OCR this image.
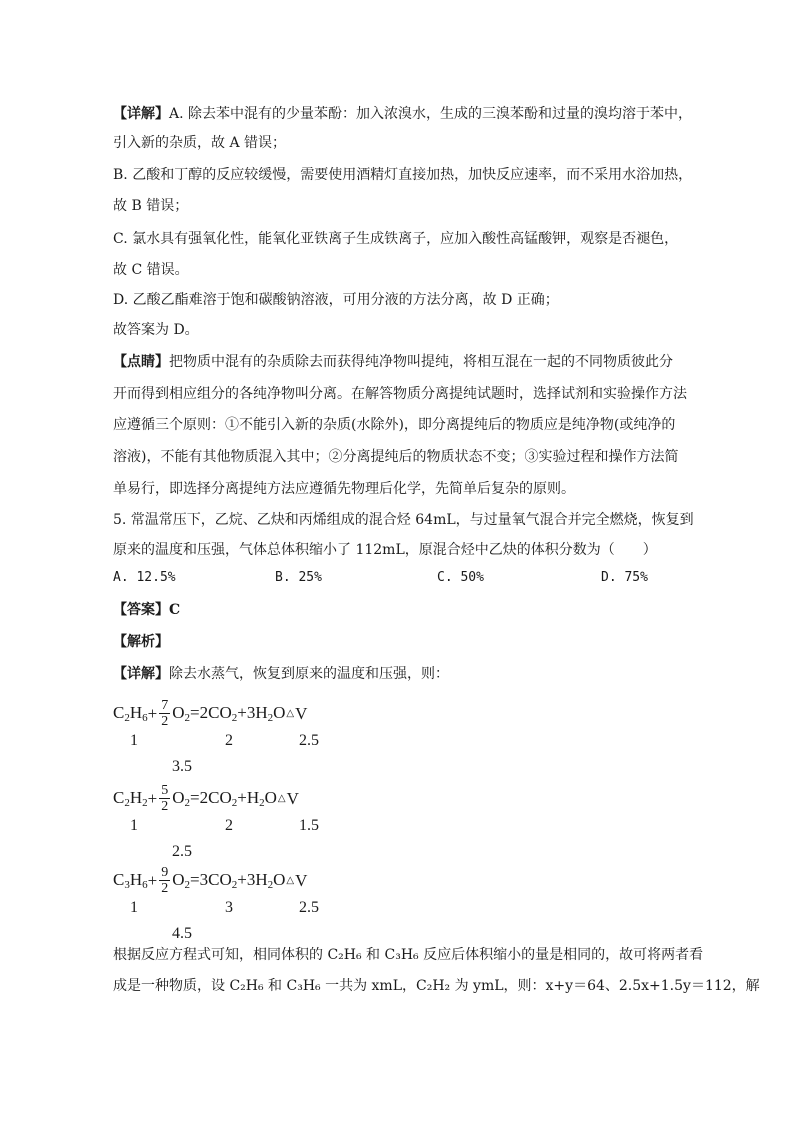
【详解】A. 除去苯中混有的少量苯酚：加入浓溴水，生成的三溴苯酚和过量的溴均溶于苯中，
引入新的杂质，故 A 错误；
B. 乙酸和丁醇的反应较缓慢，需要使用酒精灯直接加热，加快反应速率，而不采用水浴加热，
故 B 错误；
C. 氯水具有强氧化性，能氧化亚铁离子生成铁离子，应加入酸性高锰酸钾，观察是否褪色，
故 C 错误。
D. 乙酸乙酯难溶于饱和碳酸钠溶液，可用分液的方法分离，故 D 正确；
故答案为 D。
【点睛】把物质中混有的杂质除去而获得纯净物叫提纯，将相互混在一起的不同物质彼此分
开而得到相应组分的各纯净物叫分离。在解答物质分离提纯试题时，选择试剂和实验操作方法
应遵循三个原则：①不能引入新的杂质(水除外)，即分离提纯后的物质应是纯净物(或纯净的
溶液)，不能有其他物质混入其中；②分离提纯后的物质状态不变；③实验过程和操作方法简
单易行，即选择分离提纯方法应遵循先物理后化学，先简单后复杂的原则。
5. 常温常压下，乙烷、乙炔和丙烯组成的混合烃 64mL，与过量氧气混合并完全燃烧，恢复到
原来的温度和压强，气体总体积缩小了 112mL，原混合烃中乙炔的体积分数为（　　）
A. 12.5%	B. 25%	C. 50%	D. 75%
【答案】C
【解析】
【详解】除去水蒸气，恢复到原来的温度和压强，则：
$C_2H_6 + \frac{7}{2} O_2 =2CO_2+3H_2O$ △ V
1
3.5
2	2.5
$C_2H_2 + \frac{5}{2} O_2 =2CO_2+H_2O$ △ V
1
2.5
2	1.5
$C_3H_6 + \frac{9}{2} O_2 =3CO_2+3H_2O$ △ V
1
4.5
3	2.5
根据反应方程式可知，相同体积的 C₂H₆ 和 C₃H₆ 反应后体积缩小的量是相同的，故可将两者看
成是一种物质，设 C₂H₆ 和 C₃H₆ 一共为 xmL，C₂H₂ 为 ymL，则：x+y＝64、2.5x+1.5y＝112，解
